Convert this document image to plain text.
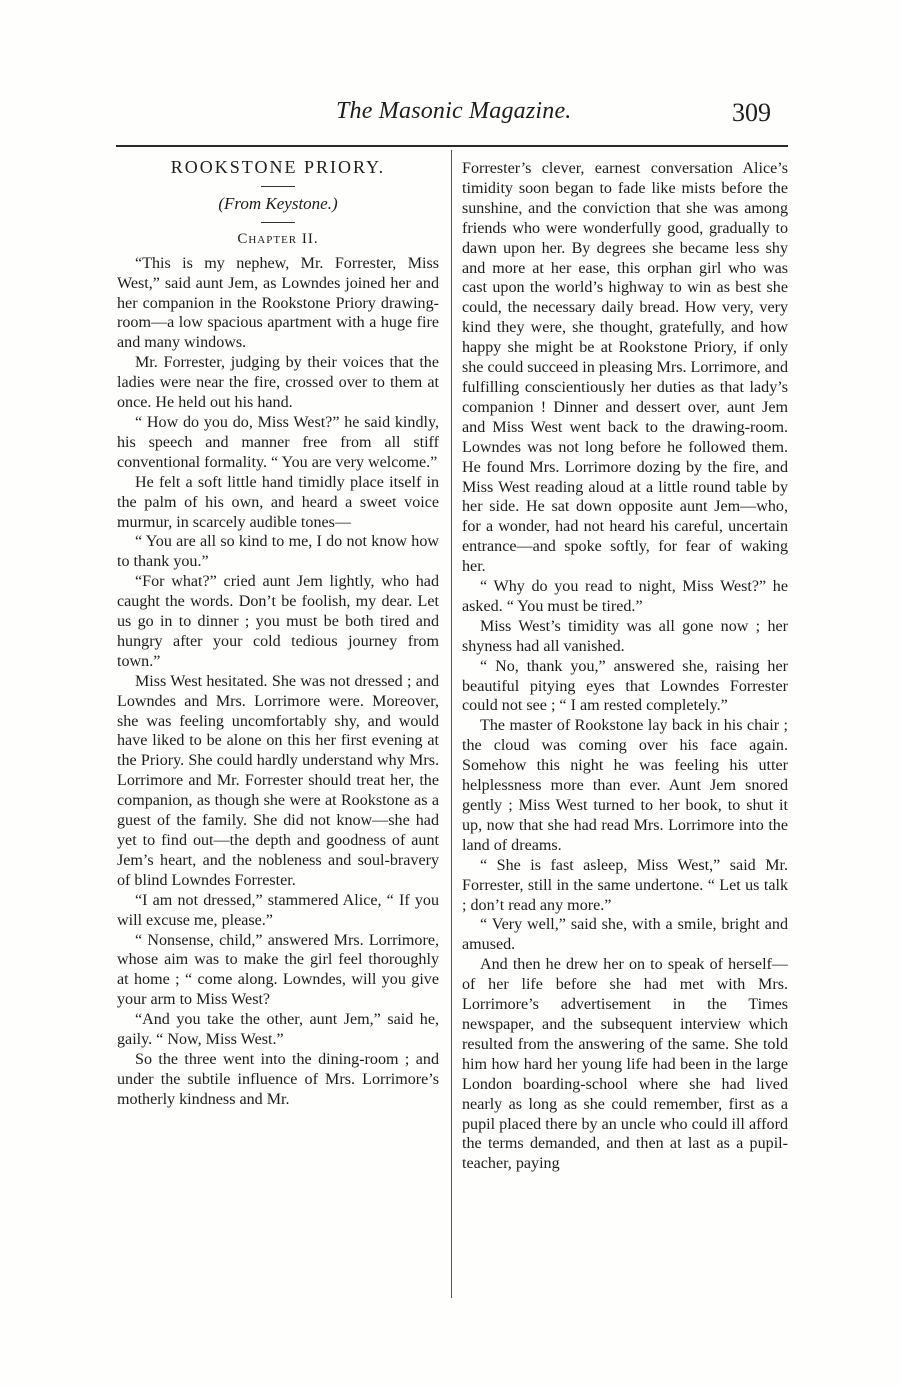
The Masonic Magazine.	309
ROOKSTONE PRIORY.
(From Keystone.)
Chapter II.

“This is my nephew, Mr. Forrester, Miss West,” said aunt Jem, as Lowndes joined her and her companion in the Rookstone Priory drawing-room—a low spacious apartment with a huge fire and many windows.

Mr. Forrester, judging by their voices that the ladies were near the fire, crossed over to them at once. He held out his hand.

“ How do you do, Miss West?” he said kindly, his speech and manner free from all stiff conventional formality. “ You are very welcome.”

He felt a soft little hand timidly place itself in the palm of his own, and heard a sweet voice murmur, in scarcely audible tones—

“ You are all so kind to me, I do not know how to thank you.”

“For what?” cried aunt Jem lightly, who had caught the words. Don’t be foolish, my dear. Let us go in to dinner ; you must be both tired and hungry after your cold tedious journey from town.”

Miss West hesitated. She was not dressed ; and Lowndes and Mrs. Lorrimore were. Moreover, she was feeling uncomfortably shy, and would have liked to be alone on this her first evening at the Priory. She could hardly understand why Mrs. Lorrimore and Mr. Forrester should treat her, the companion, as though she were at Rookstone as a guest of the family. She did not know—she had yet to find out—the depth and goodness of aunt Jem’s heart, and the nobleness and soul-bravery of blind Lowndes Forrester.

“I am not dressed,” stammered Alice, “ If you will excuse me, please.”

“ Nonsense, child,” answered Mrs. Lorrimore, whose aim was to make the girl feel thoroughly at home ; “ come along. Lowndes, will you give your arm to Miss West?

“And you take the other, aunt Jem,” said he, gaily. “ Now, Miss West.”

So the three went into the dining-room ; and under the subtile influence of Mrs. Lorrimore’s motherly kindness and Mr.

Forrester’s clever, earnest conversation Alice’s timidity soon began to fade like mists before the sunshine, and the conviction that she was among friends who were wonderfully good, gradually to dawn upon her. By degrees she became less shy and more at her ease, this orphan girl who was cast upon the world’s highway to win as best she could, the necessary daily bread. How very, very kind they were, she thought, gratefully, and how happy she might be at Rookstone Priory, if only she could succeed in pleasing Mrs. Lorrimore, and fulfilling conscientiously her duties as that lady’s companion ! Dinner and dessert over, aunt Jem and Miss West went back to the drawing-room. Lowndes was not long before he followed them. He found Mrs. Lorrimore dozing by the fire, and Miss West reading aloud at a little round table by her side. He sat down opposite aunt Jem—who, for a wonder, had not heard his careful, uncertain entrance—and spoke softly, for fear of waking her.

“ Why do you read to night, Miss West?” he asked. “ You must be tired.”

Miss West’s timidity was all gone now ; her shyness had all vanished.

“ No, thank you,” answered she, raising her beautiful pitying eyes that Lowndes Forrester could not see ; “ I am rested completely.”

The master of Rookstone lay back in his chair ; the cloud was coming over his face again. Somehow this night he was feeling his utter helplessness more than ever. Aunt Jem snored gently ; Miss West turned to her book, to shut it up, now that she had read Mrs. Lorrimore into the land of dreams.

“ She is fast asleep, Miss West,” said Mr. Forrester, still in the same undertone. “ Let us talk ; don’t read any more.”

“ Very well,” said she, with a smile, bright and amused.

And then he drew her on to speak of herself—of her life before she had met with Mrs. Lorrimore’s advertisement in the Times newspaper, and the subsequent interview which resulted from the answering of the same. She told him how hard her young life had been in the large London boarding-school where she had lived nearly as long as she could remember, first as a pupil placed there by an uncle who could ill afford the terms demanded, and then at last as a pupil-teacher, paying
